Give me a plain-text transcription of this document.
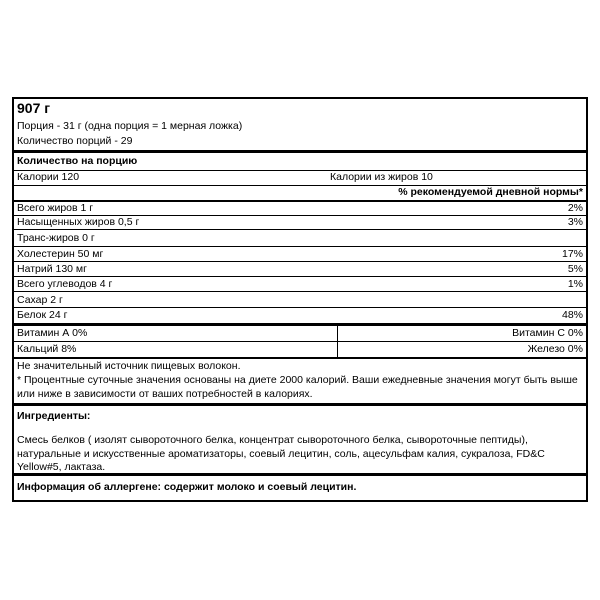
907 г
Порция - 31 г (одна порция = 1 мерная ложка)
Количество порций - 29
Количество на порцию
Калории 120	Калории из жиров 10
% рекомендуемой дневной нормы*
Всего жиров 1 г	2%
Насыщенных жиров 0,5 г	3%
Транс-жиров 0 г
Холестерин 50 мг	17%
Натрий 130 мг	5%
Всего углеводов 4 г	1%
Сахар 2 г
Белок 24 г	48%
Витамин А 0%	Витамин С 0%
Кальций 8%	Железо 0%
Не значительный источник пищевых волокон.
* Процентные суточные значения основаны на диете 2000 калорий. Ваши ежедневные значения могут быть выше или ниже в зависимости от ваших потребностей в калориях.
Ингредиенты:
Смесь белков ( изолят сывороточного белка, концентрат сывороточного белка, сывороточные пептиды), натуральные и искусственные ароматизаторы, соевый лецитин, соль, ацесульфам калия, сукралоза, FD&C Yellow#5, лактаза.
Информация об аллергене: содержит молоко и соевый лецитин.
